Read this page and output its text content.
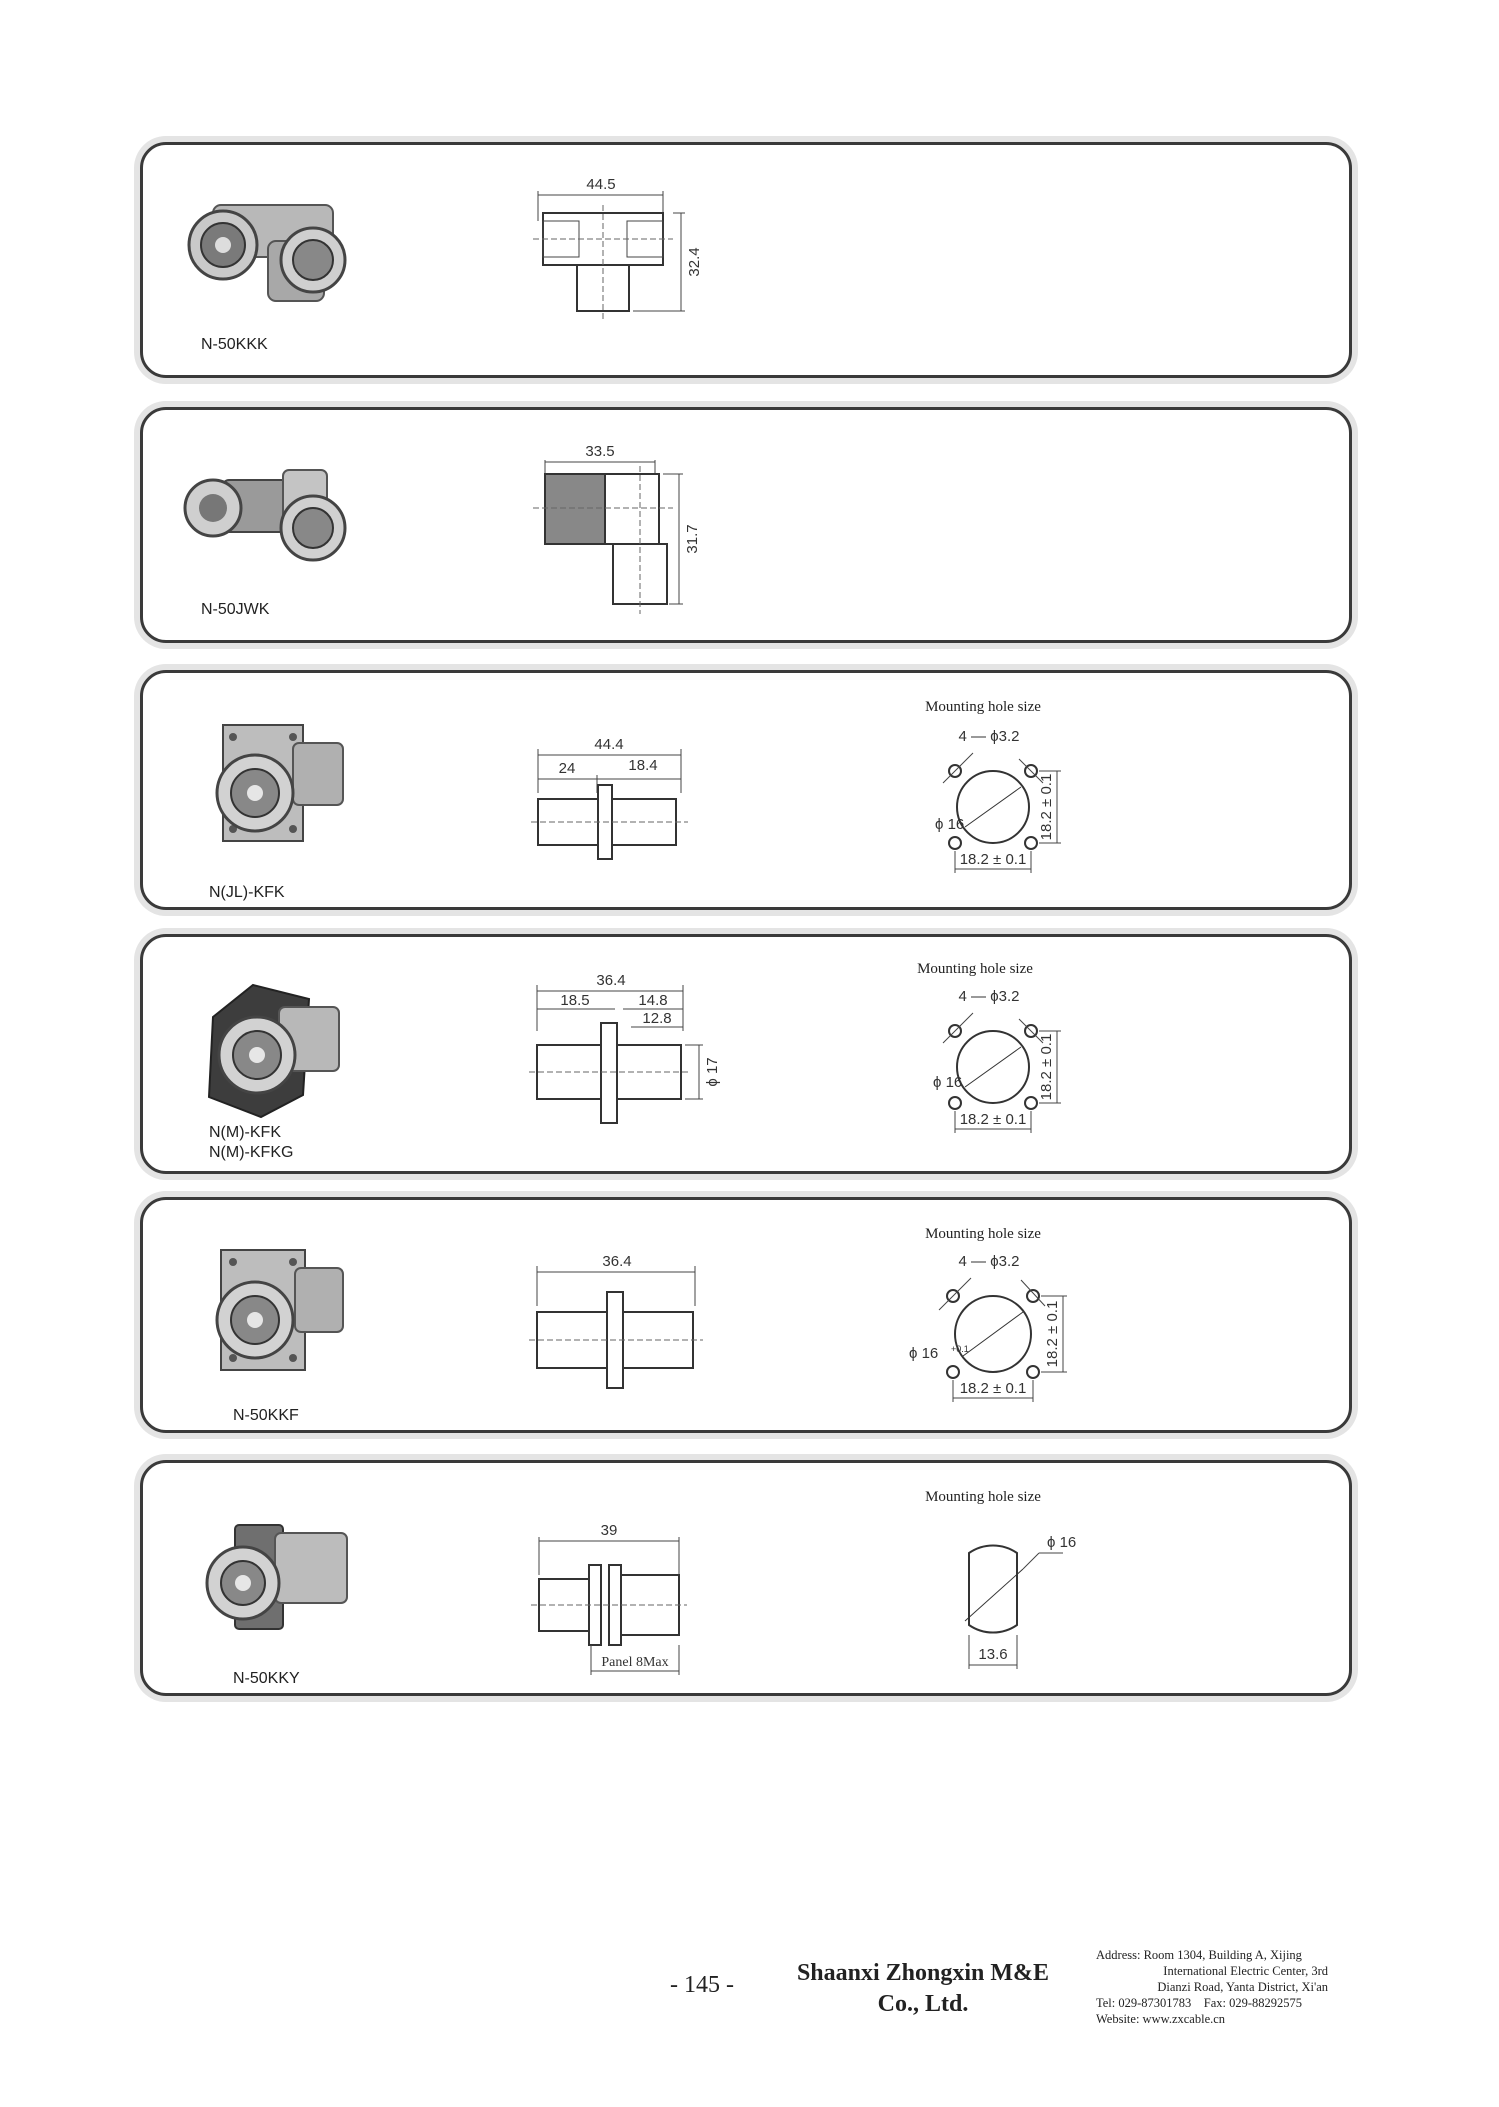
N-50KKK
44.5
32.4
N-50JWK
33.5
31.7
N(JL)-KFK
44.4
24	18.4
Mounting hole size
4 — ϕ3.2
ϕ 16
18.2 ± 0.1
18.2 ± 0.1
N(M)-KFK
N(M)-KFKG
36.4
18.5	14.8
12.8
ϕ 17
Mounting hole size
4 — ϕ3.2
ϕ 16
18.2 ± 0.1
18.2 ± 0.1
N-50KKF
36.4
Mounting hole size
4 — ϕ3.2
ϕ 16 +0.1
18.2 ± 0.1
18.2 ± 0.1
N-50KKY
39
Panel 8Max
Mounting hole size
ϕ 16
13.6
- 145 -	Shaanxi Zhongxin M&E
Co., Ltd.
Address: Room 1304, Building A, Xijing
International Electric Center, 3rd
Dianzi Road, Yanta District, Xi'an
Tel: 029-87301783    Fax: 029-88292575
Website: www.zxcable.cn
